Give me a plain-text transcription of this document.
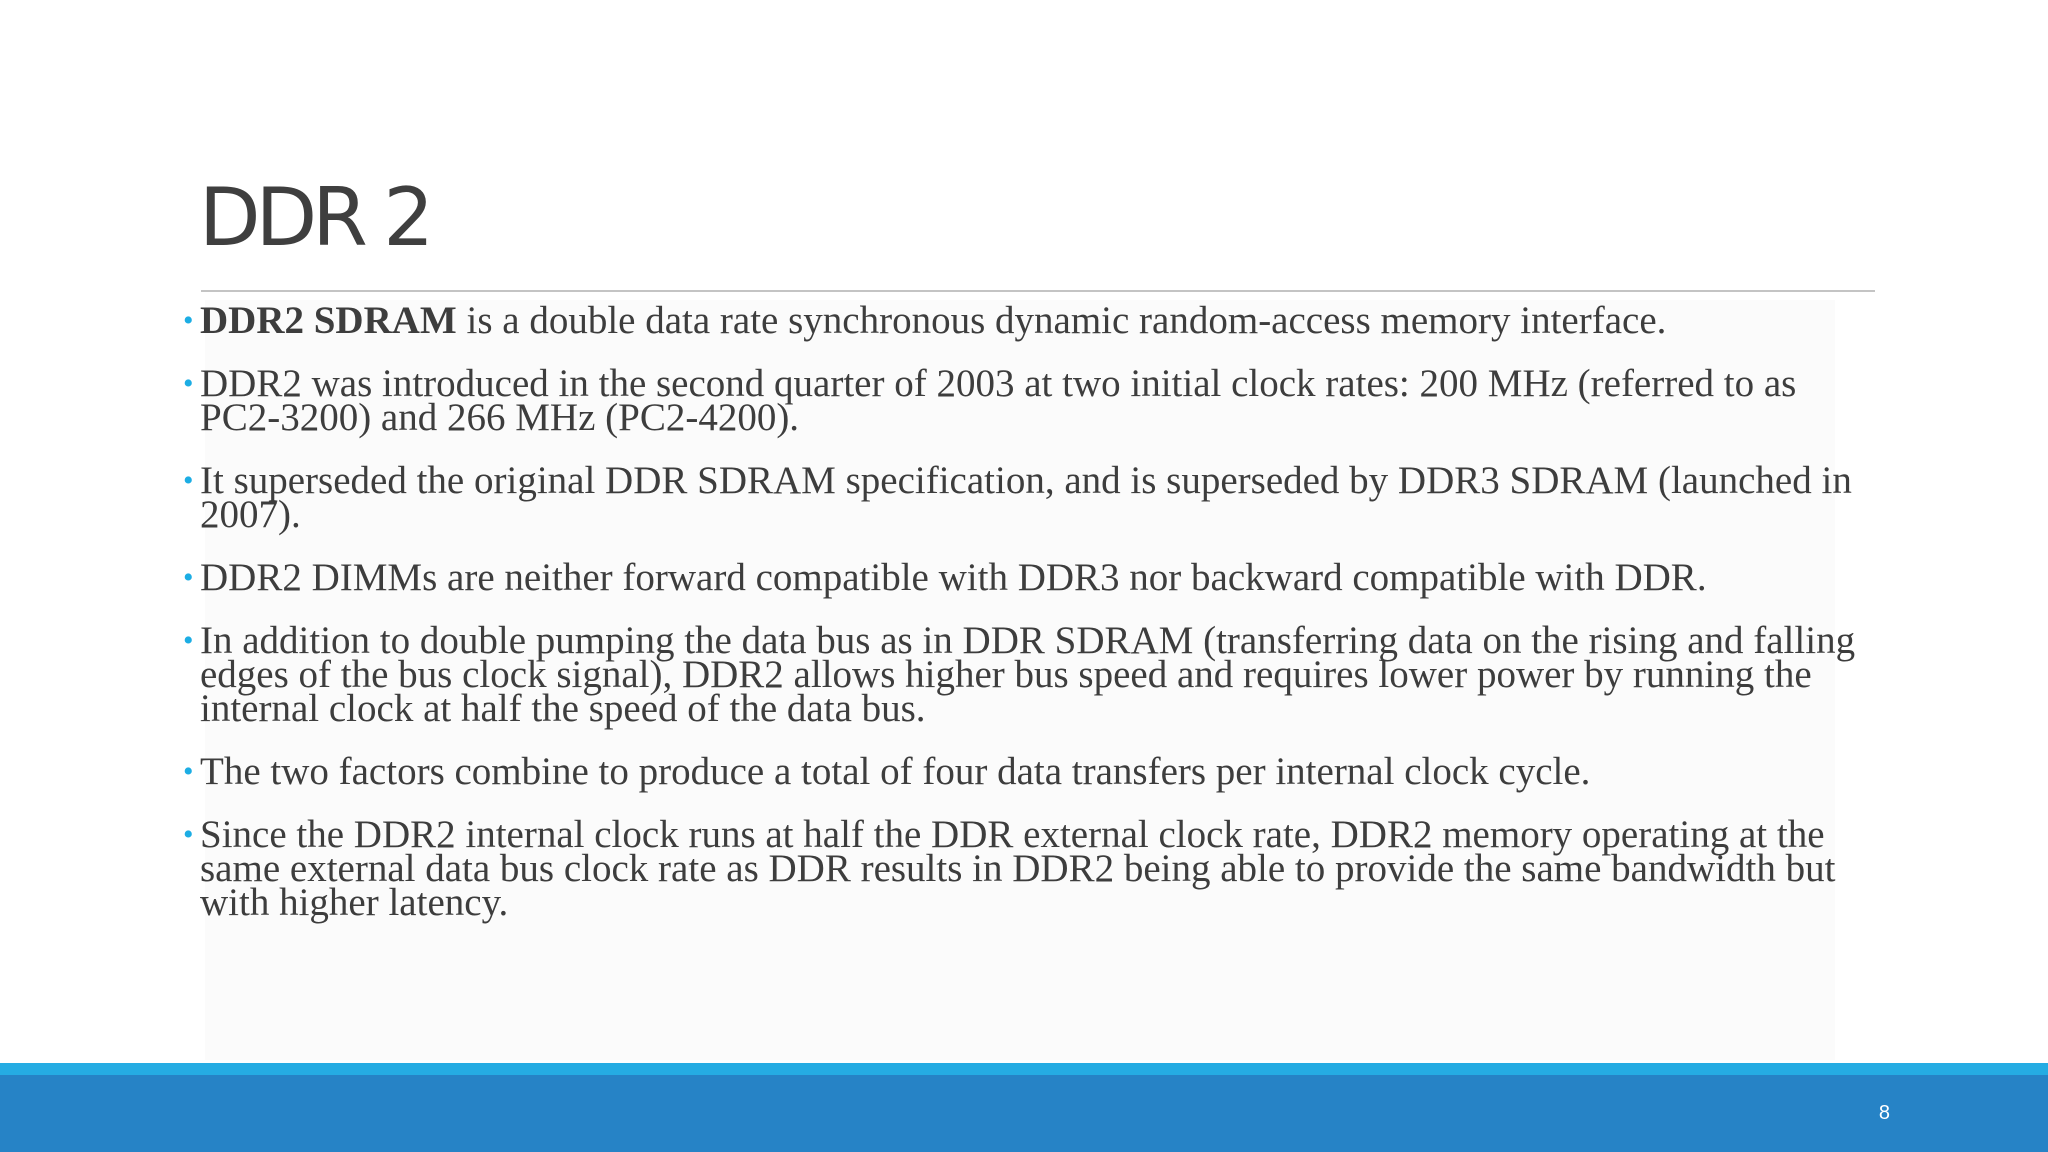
DDR 2
• DDR2 SDRAM is a double data rate synchronous dynamic random-access memory interface.
• DDR2 was introduced in the second quarter of 2003 at two initial clock rates: 200 MHz (referred to as PC2-3200) and 266 MHz (PC2-4200).
• It superseded the original DDR SDRAM specification, and is superseded by DDR3 SDRAM (launched in 2007).
• DDR2 DIMMs are neither forward compatible with DDR3 nor backward compatible with DDR.
• In addition to double pumping the data bus as in DDR SDRAM (transferring data on the rising and falling edges of the bus clock signal), DDR2 allows higher bus speed and requires lower power by running the internal clock at half the speed of the data bus.
• The two factors combine to produce a total of four data transfers per internal clock cycle.
• Since the DDR2 internal clock runs at half the DDR external clock rate, DDR2 memory operating at the same external data bus clock rate as DDR results in DDR2 being able to provide the same bandwidth but with higher latency.
8
